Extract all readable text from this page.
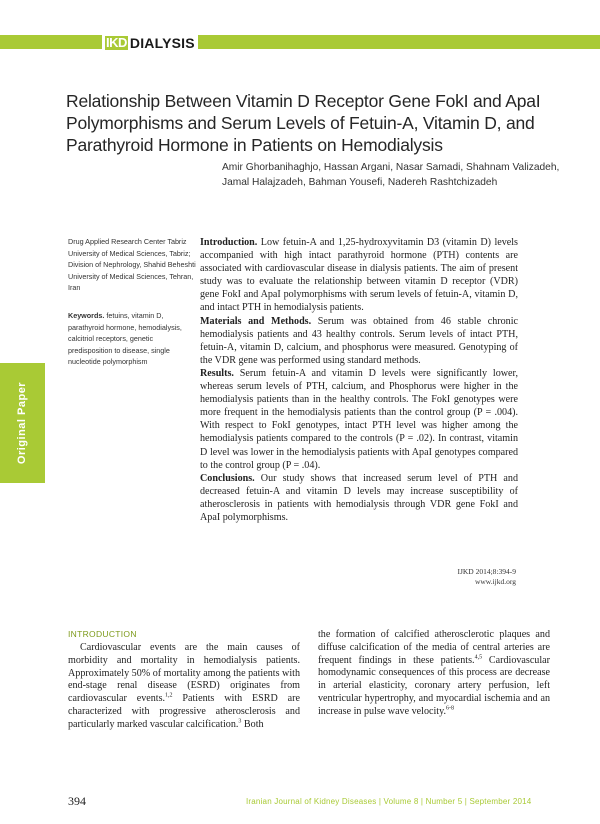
IKD DIALYSIS
Original Paper
Relationship Between Vitamin D Receptor Gene FokI and ApaI Polymorphisms and Serum Levels of Fetuin-A, Vitamin D, and Parathyroid Hormone in Patients on Hemodialysis
Amir Ghorbanihaghjo, Hassan Argani, Nasar Samadi, Shahnam Valizadeh, Jamal Halajzadeh, Bahman Yousefi, Nadereh Rashtchizadeh
Drug Applied Research Center Tabriz University of Medical Sciences, Tabriz; Division of Nephrology, Shahid Beheshti University of Medical Sciences, Tehran, Iran
Keywords. fetuins, vitamin D, parathyroid hormone, hemodialysis, calcitriol receptors, genetic predisposition to disease, single nucleotide polymorphism

Introduction. Low fetuin-A and 1,25-hydroxyvitamin D3 (vitamin D) levels accompanied with high intact parathyroid hormone (PTH) contents are associated with cardiovascular disease in dialysis patients. The aim of present study was to evaluate the relationship between vitamin D receptor (VDR) gene FokI and ApaI polymorphisms with serum levels of fetuin-A, vitamin D, and intact PTH in hemodialysis patients.

Materials and Methods. Serum was obtained from 46 stable chronic hemodialysis patients and 43 healthy controls. Serum levels of intact PTH, fetuin-A, vitamin D, calcium, and phosphorus were measured. Genotyping of the VDR gene was performed using standard methods.

Results. Serum fetuin-A and vitamin D levels were significantly lower, whereas serum levels of PTH, calcium, and Phosphorus were higher in the hemodialysis patients than in the healthy controls. The FokI genotypes were more frequent in the hemodialysis patients than the control group (P = .004). With respect to FokI genotypes, intact PTH level was higher among the hemodialysis patients compared to the controls (P = .02). In contrast, vitamin D level was lower in the hemodialysis patients with ApaI genotypes compared to the control group (P = .04).

Conclusions. Our study shows that increased serum level of PTH and decreased fetuin-A and vitamin D levels may increase susceptibility of atherosclerosis in patients with hemodialysis through VDR gene FokI and ApaI polymorphisms.

IJKD 2014;8:394-9
www.ijkd.org
INTRODUCTION
Cardiovascular events are the main causes of morbidity and mortality in hemodialysis patients. Approximately 50% of mortality among the patients with end-stage renal disease (ESRD) originates from cardiovascular events.$^{1,2}$ Patients with ESRD are characterized with progressive atherosclerosis and particularly marked vascular calcification.$^3$ Both
the formation of calcified atherosclerotic plaques and diffuse calcification of the media of central arteries are frequent findings in these patients.$^{4,5}$ Cardiovascular homodynamic consequences of this process are decrease in arterial elasticity, coronary artery perfusion, left ventricular hypertrophy, and myocardial ischemia and an increase in pulse wave velocity.$^{6-8}$
394	Iranian Journal of Kidney Diseases | Volume 8 | Number 5 | September 2014
